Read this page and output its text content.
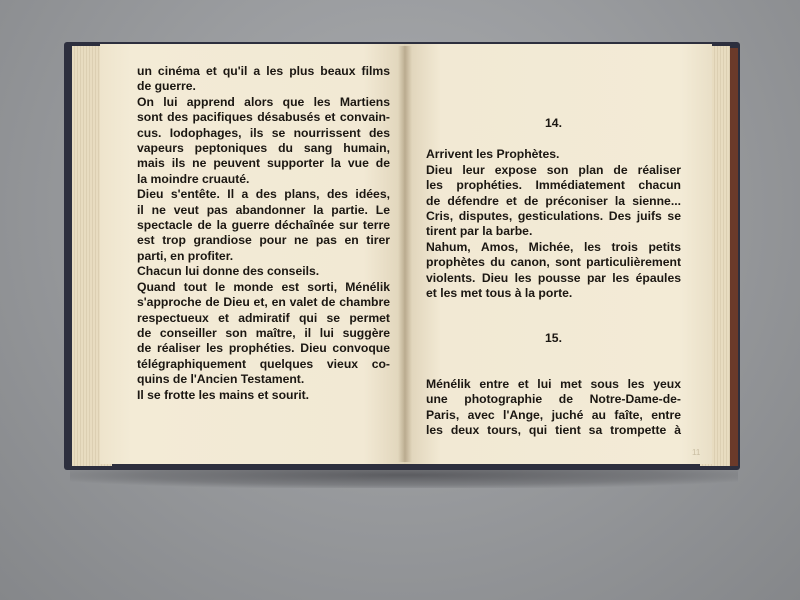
un cinéma et qu'il a les plus beaux films
de guerre.
On lui apprend alors que les Martiens
sont des pacifiques désabusés et convain-
cus. Iodophages, ils se nourrissent des
vapeurs peptoniques du sang humain,
mais ils ne peuvent supporter la vue de
la moindre cruauté.
Dieu s'entête. Il a des plans, des idées,
il ne veut pas abandonner la partie. Le
spectacle de la guerre déchaînée sur terre
est trop grandiose pour ne pas en tirer
parti, en profiter.
Chacun lui donne des conseils.
Quand tout le monde est sorti, Ménélik
s'approche de Dieu et, en valet de chambre
respectueux et admiratif qui se permet
de conseiller son maître, il lui suggère
de réaliser les prophéties. Dieu convoque
télégraphiquement quelques vieux co-
quins de l'Ancien Testament.
Il se frotte les mains et sourit.
14.
Arrivent les Prophètes.
Dieu leur expose son plan de réaliser
les prophéties. Immédiatement chacun
de défendre et de préconiser la sienne...
Cris, disputes, gesticulations. Des juifs se
tirent par la barbe.
Nahum, Amos, Michée, les trois petits
prophètes du canon, sont particulièrement
violents. Dieu les pousse par les épaules
et les met tous à la porte.
15.
Ménélik entre et lui met sous les yeux
une photographie de Notre-Dame-de-
Paris, avec l'Ange, juché au faîte, entre
les deux tours, qui tient sa trompette à
11
